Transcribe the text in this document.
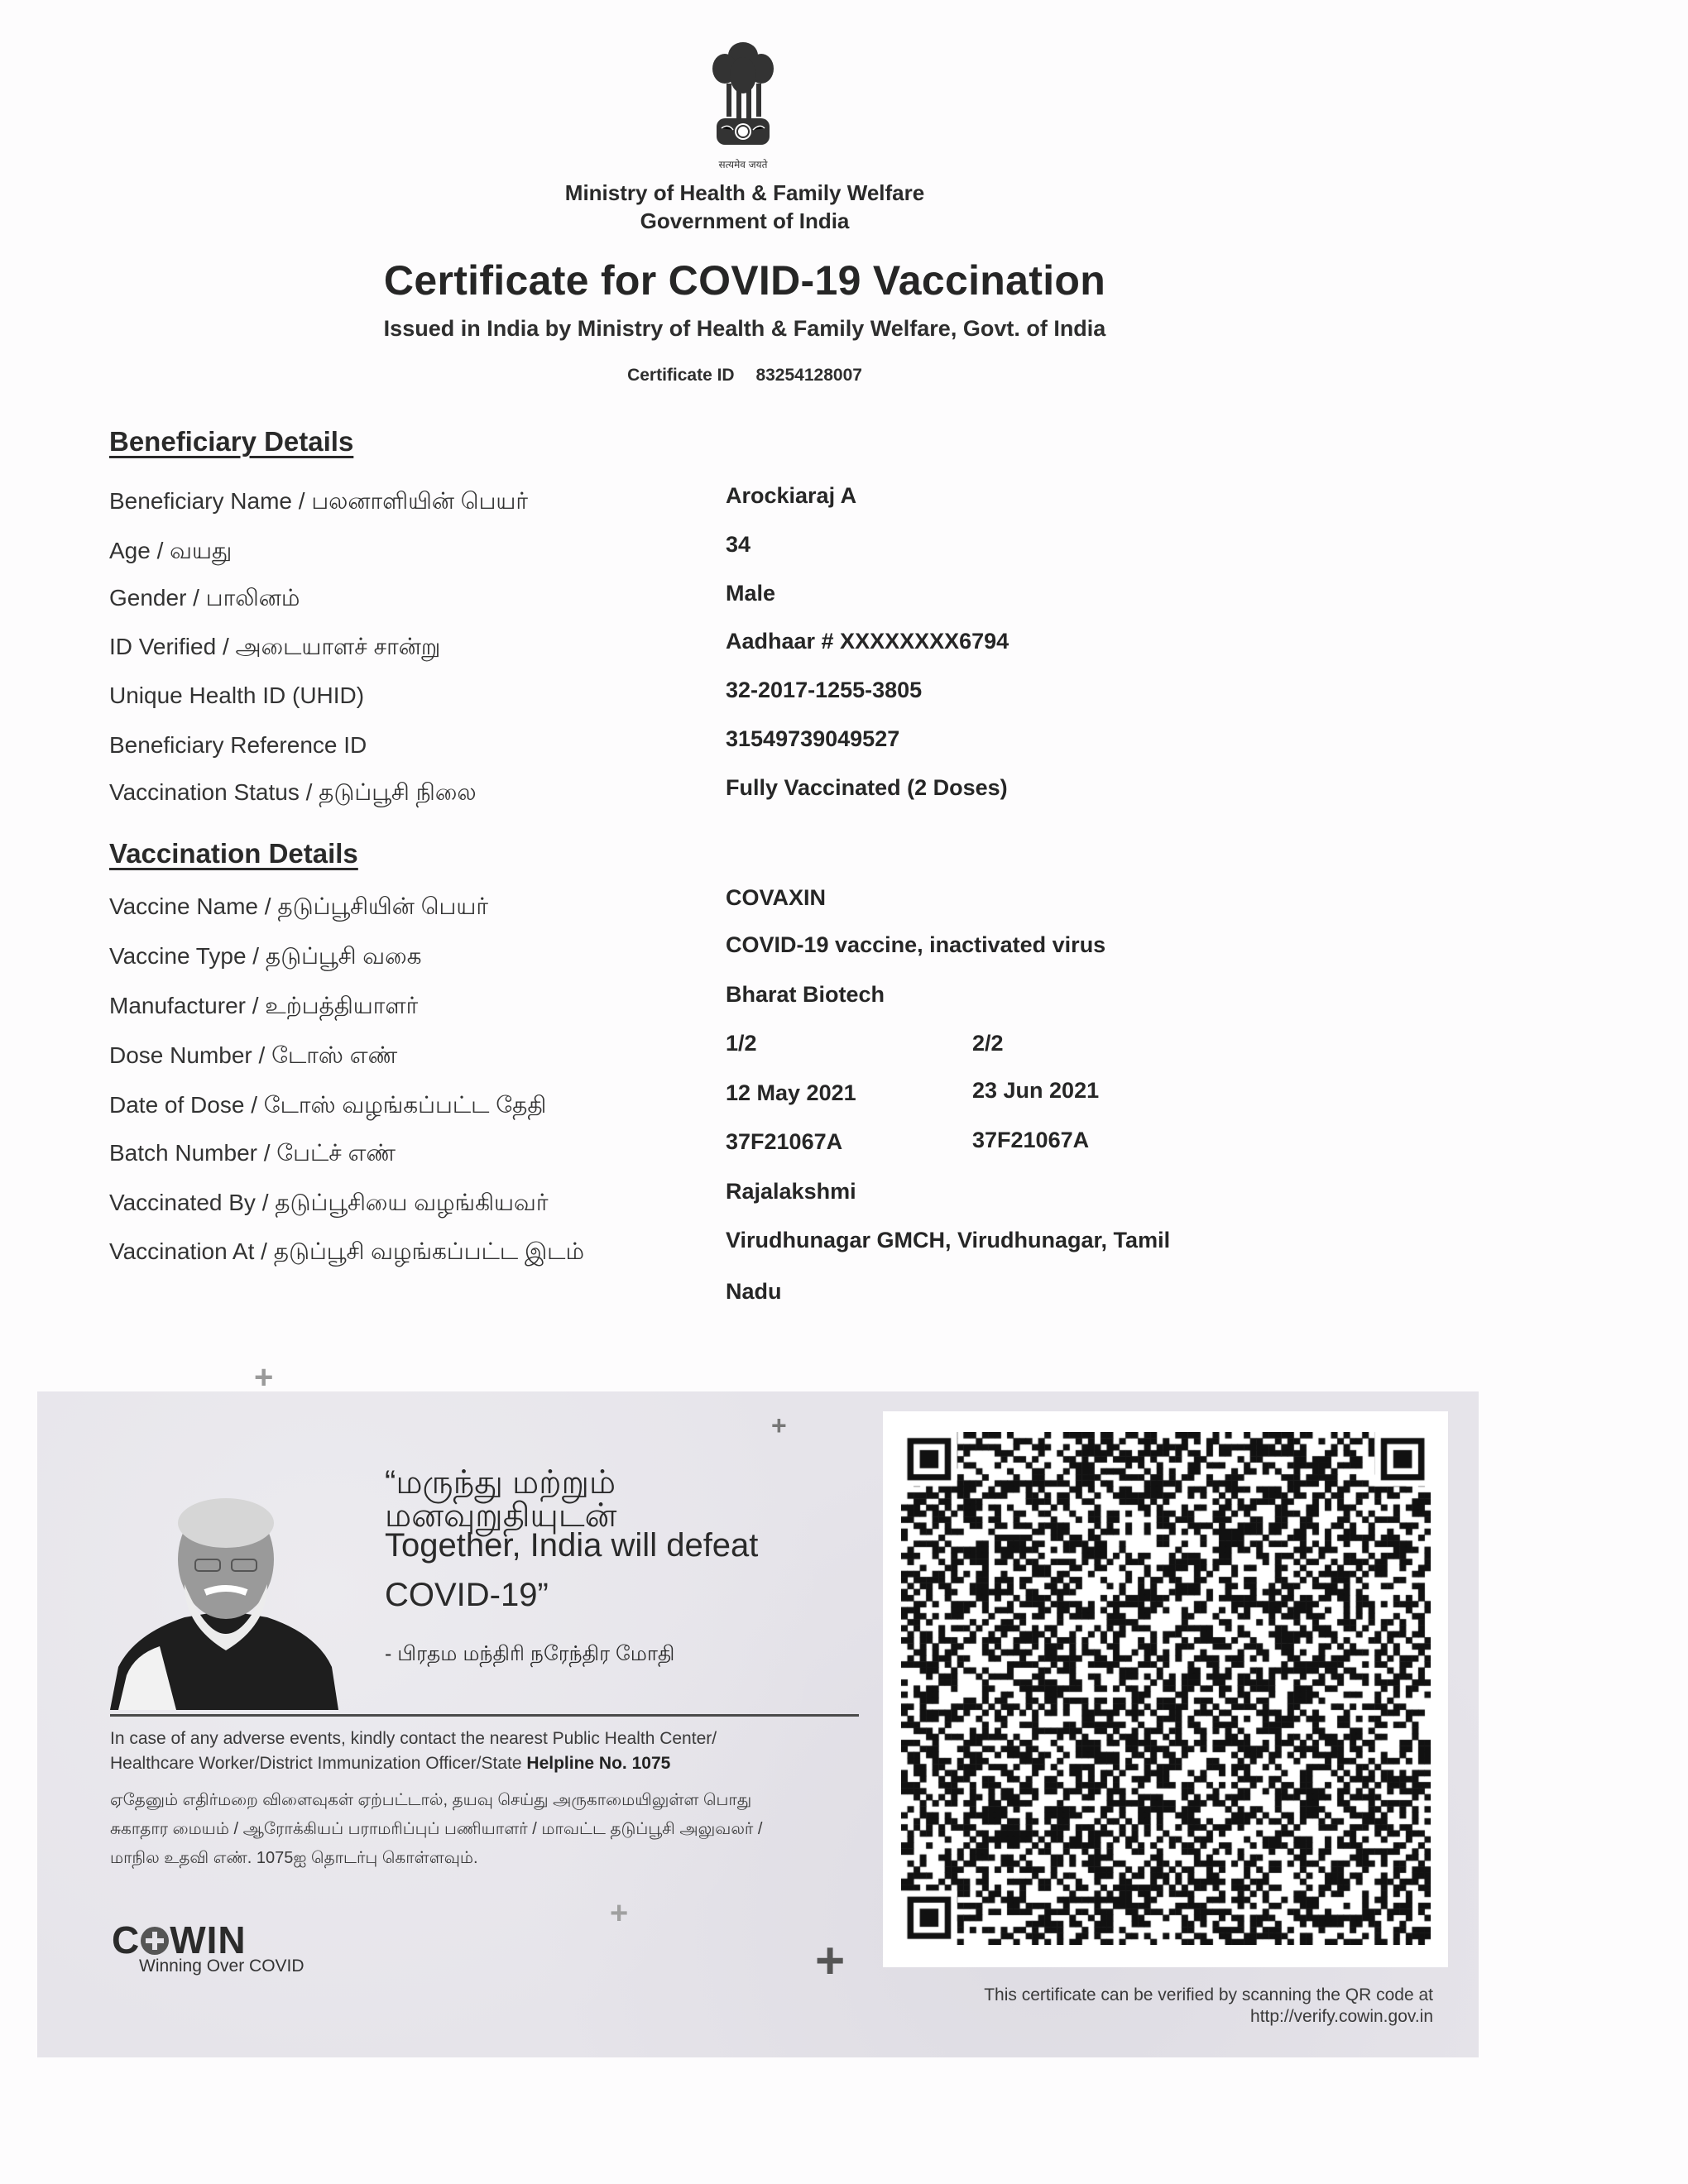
सत्यमेव जयते
Ministry of Health & Family Welfare
Government of India
Certificate for COVID-19 Vaccination
Issued in India by Ministry of Health & Family Welfare, Govt. of India
Certificate ID 83254128007
Beneficiary Details
Beneficiary Name / பலனாளியின் பெயர்	Arockiaraj A
Age / வயது	34
Gender / பாலினம்	Male
ID Verified / அடையாளச் சான்று	Aadhaar # XXXXXXXX6794
Unique Health ID (UHID)	32-2017-1255-3805
Beneficiary Reference ID	31549739049527
Vaccination Status / தடுப்பூசி நிலை	Fully Vaccinated (2 Doses)
Vaccination Details
Vaccine Name / தடுப்பூசியின் பெயர்	COVAXIN
Vaccine Type / தடுப்பூசி வகை	COVID-19 vaccine, inactivated virus
Manufacturer / உற்பத்தியாளர்	Bharat Biotech
Dose Number / டோஸ் எண்	1/2	2/2
Date of Dose / டோஸ் வழங்கப்பட்ட தேதி	12 May 2021	23 Jun 2021
Batch Number / பேட்ச் எண்	37F21067A	37F21067A
Vaccinated By / தடுப்பூசியை வழங்கியவர்	Rajalakshmi
Vaccination At / தடுப்பூசி வழங்கப்பட்ட இடம்	Virudhunagar GMCH, Virudhunagar, Tamil
Nadu
+
+
+
+
“மருந்து மற்றும்
மனவுறுதியுடன்
Together, India will defeat
COVID-19”
- பிரதம மந்திரி நரேந்திர மோதி
In case of any adverse events, kindly contact the nearest Public Health Center/
Healthcare Worker/District Immunization Officer/State Helpline No. 1075
ஏதேனும் எதிர்மறை விளைவுகள் ஏற்பட்டால், தயவு செய்து அருகாமையிலுள்ள பொது
சுகாதார மையம் / ஆரோக்கியப் பராமரிப்புப் பணியாளர் / மாவட்ட தடுப்பூசி அலுவலர் /
மாநில உதவி எண். 1075ஐ தொடர்பு கொள்ளவும்.
C WIN
Winning Over COVID
This certificate can be verified by scanning the QR code at
http://verify.cowin.gov.in
